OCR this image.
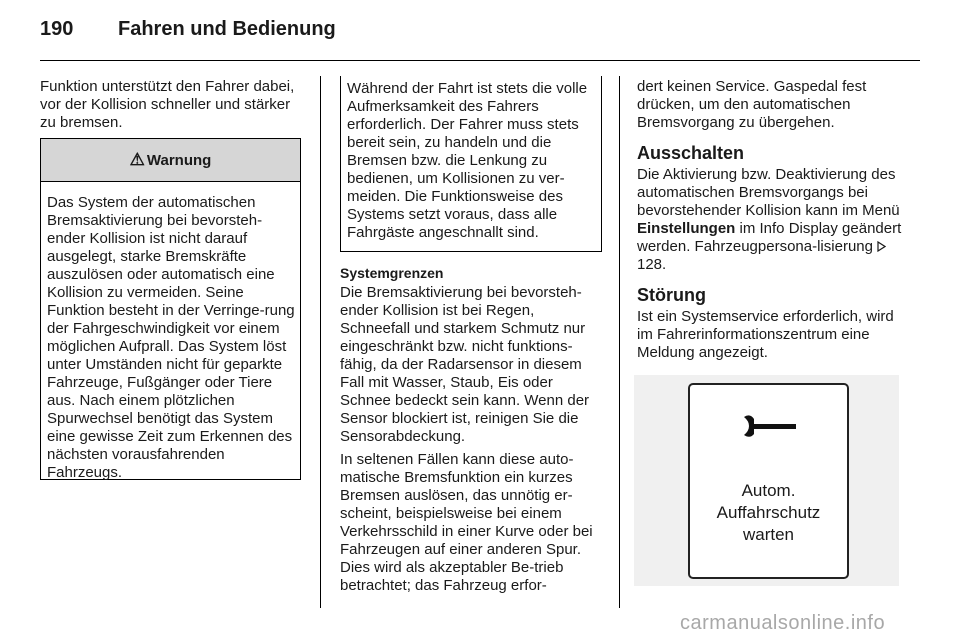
190 Fahren und Bedienung

Funktion unterstützt den Fahrer dabei, vor der Kollision schneller und stärker zu bremsen.

⚠ Warnung
Das System der automatischen Bremsaktivierung bei bevorsteh-ender Kollision ist nicht darauf ausgelegt, starke Bremskräfte auszulösen oder automatisch eine Kollision zu vermeiden. Seine Funktion besteht in der Verringe-rung der Fahrgeschwindigkeit vor einem möglichen Aufprall. Das System löst unter Umständen nicht für geparkte Fahrzeuge, Fußgänger oder Tiere aus. Nach einem plötzlichen Spurwechsel benötigt das System eine gewisse Zeit zum Erkennen des nächsten vorausfahrenden Fahrzeugs.
Während der Fahrt ist stets die volle Aufmerksamkeit des Fahrers erforderlich. Der Fahrer muss stets bereit sein, zu handeln und die Bremsen bzw. die Lenkung zu bedienen, um Kollisionen zu ver-meiden. Die Funktionsweise des Systems setzt voraus, dass alle Fahrgäste angeschnallt sind.

Systemgrenzen

Die Bremsaktivierung bei bevorsteh-ender Kollision ist bei Regen, Schneefall und starkem Schmutz nur eingeschränkt bzw. nicht funktions-fähig, da der Radarsensor in diesem Fall mit Wasser, Staub, Eis oder Schnee bedeckt sein kann. Wenn der Sensor blockiert ist, reinigen Sie die Sensorabdeckung.

In seltenen Fällen kann diese auto-matische Bremsfunktion ein kurzes Bremsen auslösen, das unnötig er-scheint, beispielsweise bei einem Verkehrsschild in einer Kurve oder bei Fahrzeugen auf einer anderen Spur. Dies wird als akzeptabler Be-trieb betrachtet; das Fahrzeug erfor-

dert keinen Service. Gaspedal fest drücken, um den automatischen Bremsvorgang zu übergehen.

Ausschalten

Die Aktivierung bzw. Deaktivierung des automatischen Bremsvorgangs bei bevorstehender Kollision kann im Menü Einstellungen im Info Display geändert werden. Fahrzeugpersona-lisierung  128.

Störung

Ist ein Systemservice erforderlich, wird im Fahrerinformationszentrum eine Meldung angezeigt.

Autom.
Auffahrschutz
warten
carmanualsonline.info
